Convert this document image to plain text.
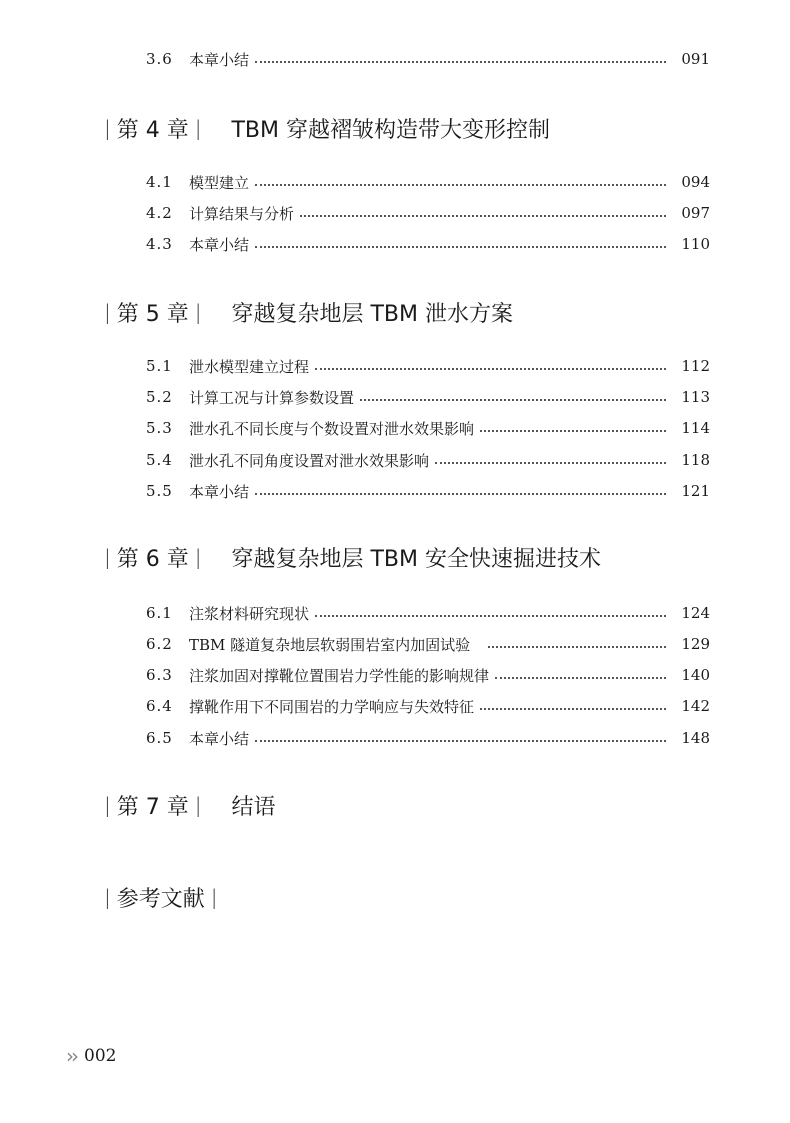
3.6	本章小结	091
| 第 4 章 | TBM 穿越褶皱构造带大变形控制
4.1	模型建立	094
4.2	计算结果与分析	097
4.3	本章小结	110
| 第 5 章 | 穿越复杂地层 TBM 泄水方案
5.1	泄水模型建立过程	112
5.2	计算工况与计算参数设置	113
5.3	泄水孔不同长度与个数设置对泄水效果影响	114
5.4	泄水孔不同角度设置对泄水效果影响	118
5.5	本章小结	121
| 第 6 章 | 穿越复杂地层 TBM 安全快速掘进技术
6.1	注浆材料研究现状	124
6.2	TBM 隧道复杂地层软弱围岩室内加固试验	129
6.3	注浆加固对撑靴位置围岩力学性能的影响规律	140
6.4	撑靴作用下不同围岩的力学响应与失效特征	142
6.5	本章小结	148
| 第 7 章 | 结语
| 参考文献 |
›› 002
